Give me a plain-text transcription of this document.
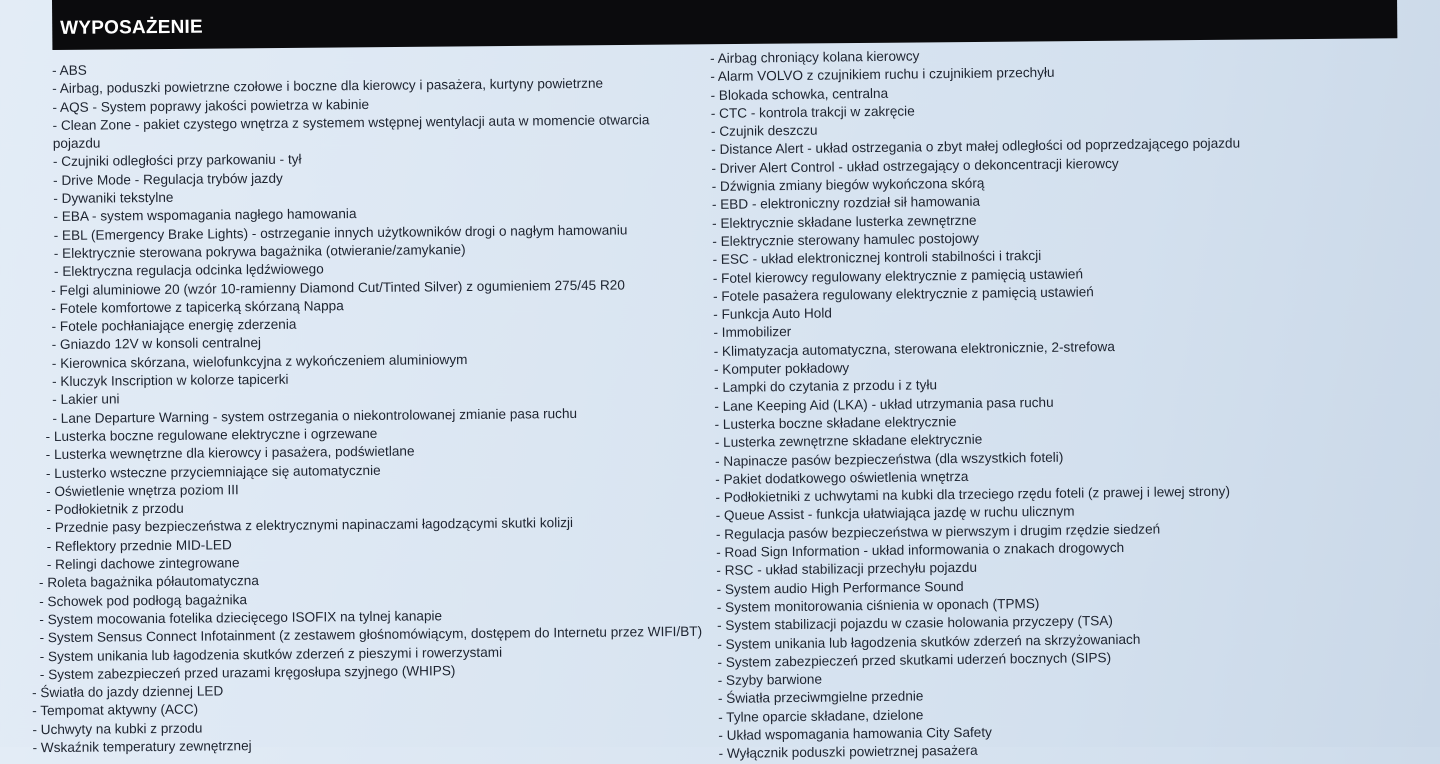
WYPOSAŻENIE
- ABS
- Airbag, poduszki powietrzne czołowe i boczne dla kierowcy i pasażera, kurtyny powietrzne
- AQS - System poprawy jakości powietrza w kabinie
- Clean Zone - pakiet czystego wnętrza z systemem wstępnej wentylacji auta w momencie otwarcia pojazdu
- Czujniki odległości przy parkowaniu - tył
- Drive Mode - Regulacja trybów jazdy
- Dywaniki tekstylne
- EBA - system wspomagania nagłego hamowania
- EBL (Emergency Brake Lights) - ostrzeganie innych użytkowników drogi o nagłym hamowaniu
- Elektrycznie sterowana pokrywa bagażnika (otwieranie/zamykanie)
- Elektryczna regulacja odcinka lędźwiowego
- Felgi aluminiowe 20 (wzór 10-ramienny Diamond Cut/Tinted Silver) z ogumieniem 275/45 R20
- Fotele komfortowe z tapicerką skórzaną Nappa
- Fotele pochłaniające energię zderzenia
- Gniazdo 12V w konsoli centralnej
- Kierownica skórzana, wielofunkcyjna z wykończeniem aluminiowym
- Kluczyk Inscription w kolorze tapicerki
- Lakier uni
- Lane Departure Warning - system ostrzegania o niekontrolowanej zmianie pasa ruchu
- Lusterka boczne regulowane elektryczne i ogrzewane
- Lusterka wewnętrzne dla kierowcy i pasażera, podświetlane
- Lusterko wsteczne przyciemniające się automatycznie
- Oświetlenie wnętrza poziom III
- Podłokietnik z przodu
- Przednie pasy bezpieczeństwa z elektrycznymi napinaczami łagodzącymi skutki kolizji
- Reflektory przednie MID-LED
- Relingi dachowe zintegrowane
- Roleta bagażnika półautomatyczna
- Schowek pod podłogą bagażnika
- System mocowania fotelika dziecięcego ISOFIX na tylnej kanapie
- System Sensus Connect Infotainment (z zestawem głośnomówiącym, dostępem do Internetu przez WIFI/BT)
- System unikania lub łagodzenia skutków zderzeń z pieszymi i rowerzystami
- System zabezpieczeń przed urazami kręgosłupa szyjnego (WHIPS)
- Światła do jazdy dziennej LED
- Tempomat aktywny (ACC)
- Uchwyty na kubki z przodu
- Wskaźnik temperatury zewnętrznej
- Airbag chroniący kolana kierowcy
- Alarm VOLVO z czujnikiem ruchu i czujnikiem przechyłu
- Blokada schowka, centralna
- CTC - kontrola trakcji w zakręcie
- Czujnik deszczu
- Distance Alert - układ ostrzegania o zbyt małej odległości od poprzedzającego pojazdu
- Driver Alert Control - układ ostrzegający o dekoncentracji kierowcy
- Dźwignia zmiany biegów wykończona skórą
- EBD - elektroniczny rozdział sił hamowania
- Elektrycznie składane lusterka zewnętrzne
- Elektrycznie sterowany hamulec postojowy
- ESC - układ elektronicznej kontroli stabilności i trakcji
- Fotel kierowcy regulowany elektrycznie z pamięcią ustawień
- Fotele pasażera regulowany elektrycznie z pamięcią ustawień
- Funkcja Auto Hold
- Immobilizer
- Klimatyzacja automatyczna, sterowana elektronicznie, 2-strefowa
- Komputer pokładowy
- Lampki do czytania z przodu i z tyłu
- Lane Keeping Aid (LKA) - układ utrzymania pasa ruchu
- Lusterka boczne składane elektrycznie
- Lusterka zewnętrzne składane elektrycznie
- Napinacze pasów bezpieczeństwa (dla wszystkich foteli)
- Pakiet dodatkowego oświetlenia wnętrza
- Podłokietniki z uchwytami na kubki dla trzeciego rzędu foteli (z prawej i lewej strony)
- Queue Assist - funkcja ułatwiająca jazdę w ruchu ulicznym
- Regulacja pasów bezpieczeństwa w pierwszym i drugim rzędzie siedzeń
- Road Sign Information - układ informowania o znakach drogowych
- RSC - układ stabilizacji przechyłu pojazdu
- System audio High Performance Sound
- System monitorowania ciśnienia w oponach (TPMS)
- System stabilizacji pojazdu w czasie holowania przyczepy (TSA)
- System unikania lub łagodzenia skutków zderzeń na skrzyżowaniach
- System zabezpieczeń przed skutkami uderzeń bocznych (SIPS)
- Szyby barwione
- Światła przeciwmgielne przednie
- Tylne oparcie składane, dzielone
- Układ wspomagania hamowania City Safety
- Wyłącznik poduszki powietrznej pasażera
